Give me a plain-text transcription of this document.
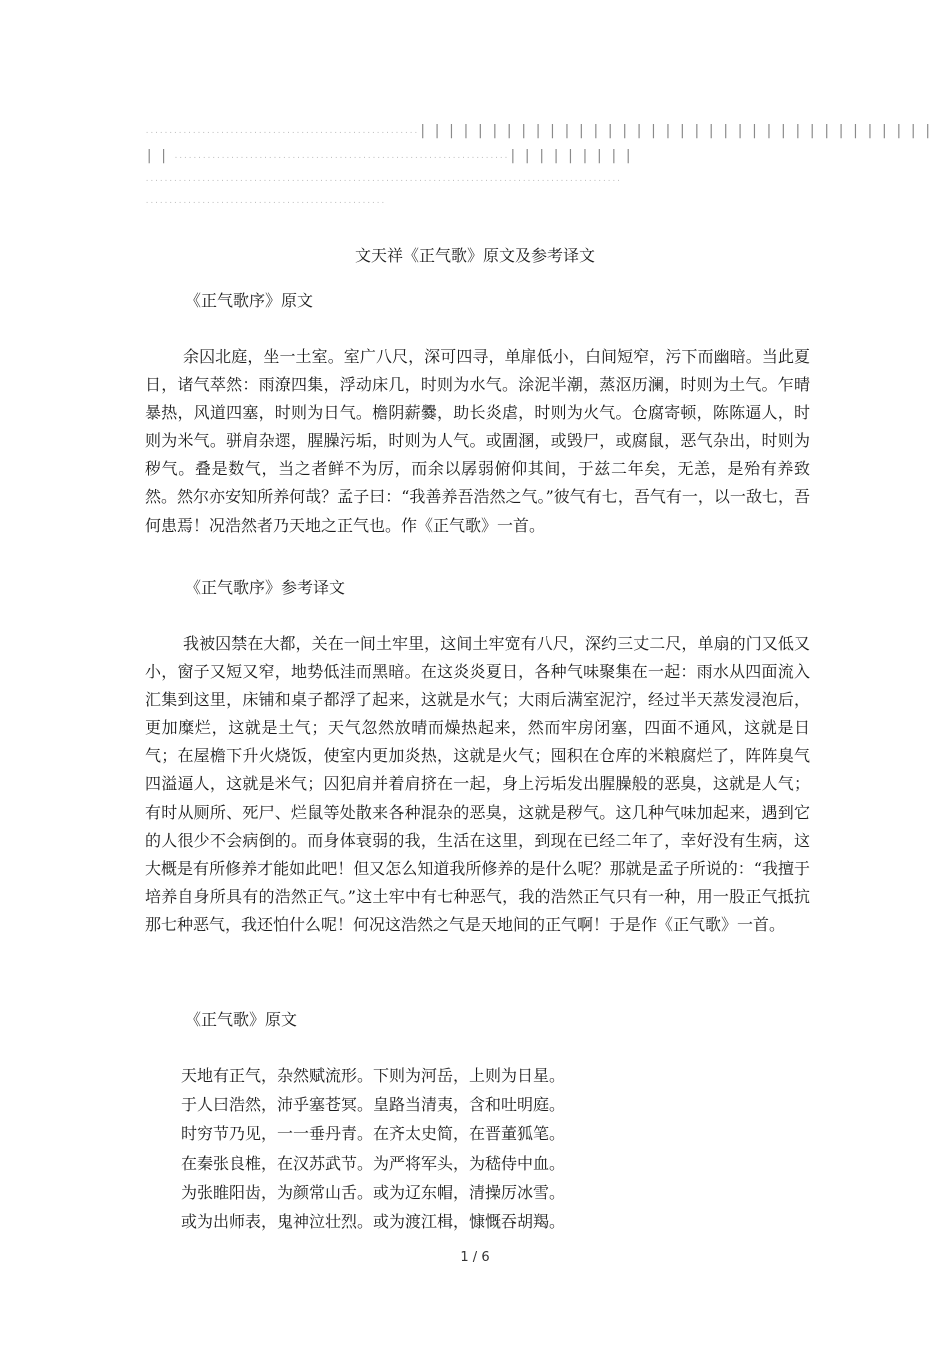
··························································||||||||||||||||||||||||||||||||||||
||·······································································|||||||||
·····································································································
···················································
文天祥《正气歌》原文及参考译文
《正气歌序》原文
余囚北庭，坐一土室。室广八尺，深可四寻，单扉低小，白间短窄，污下而幽暗。当此夏日，诸气萃然：雨潦四集，浮动床几，时则为水气。涂泥半潮，蒸沤历澜，时则为土气。乍晴暴热，风道四塞，时则为日气。檐阴薪爨，助长炎虐，时则为火气。仓腐寄顿，陈陈逼人，时则为米气。骈肩杂遝，腥臊污垢，时则为人气。或圊溷，或毁尸，或腐鼠，恶气杂出，时则为秽气。叠是数气，当之者鲜不为厉，而余以孱弱俯仰其间，于兹二年矣，无恙，是殆有养致然。然尔亦安知所养何哉？孟子曰：“我善养吾浩然之气。”彼气有七，吾气有一，以一敌七，吾何患焉！况浩然者乃天地之正气也。作《正气歌》一首。
《正气歌序》参考译文
我被囚禁在大都，关在一间土牢里，这间土牢宽有八尺，深约三丈二尺，单扇的门又低又小，窗子又短又窄，地势低洼而黑暗。在这炎炎夏日，各种气味聚集在一起：雨水从四面流入汇集到这里，床铺和桌子都浮了起来，这就是水气；大雨后满室泥泞，经过半天蒸发浸泡后，更加糜烂，这就是土气；天气忽然放晴而燥热起来，然而牢房闭塞，四面不通风，这就是日气；在屋檐下升火烧饭，使室内更加炎热，这就是火气；囤积在仓库的米粮腐烂了，阵阵臭气四溢逼人，这就是米气；囚犯肩并着肩挤在一起，身上污垢发出腥臊般的恶臭，这就是人气；有时从厕所、死尸、烂鼠等处散来各种混杂的恶臭，这就是秽气。这几种气味加起来，遇到它的人很少不会病倒的。而身体衰弱的我，生活在这里，到现在已经二年了，幸好没有生病，这大概是有所修养才能如此吧！但又怎么知道我所修养的是什么呢？那就是孟子所说的：“我擅于培养自身所具有的浩然正气。”这土牢中有七种恶气，我的浩然正气只有一种，用一股正气抵抗那七种恶气，我还怕什么呢！何况这浩然之气是天地间的正气啊！于是作《正气歌》一首。
《正气歌》原文
天地有正气，杂然赋流形。下则为河岳，上则为日星。
于人曰浩然，沛乎塞苍冥。皇路当清夷，含和吐明庭。
时穷节乃见，一一垂丹青。在齐太史简，在晋董狐笔。
在秦张良椎，在汉苏武节。为严将军头，为嵇侍中血。
为张睢阳齿，为颜常山舌。或为辽东帽，清操厉冰雪。
或为出师表，鬼神泣壮烈。或为渡江楫，慷慨吞胡羯。
1 / 6
